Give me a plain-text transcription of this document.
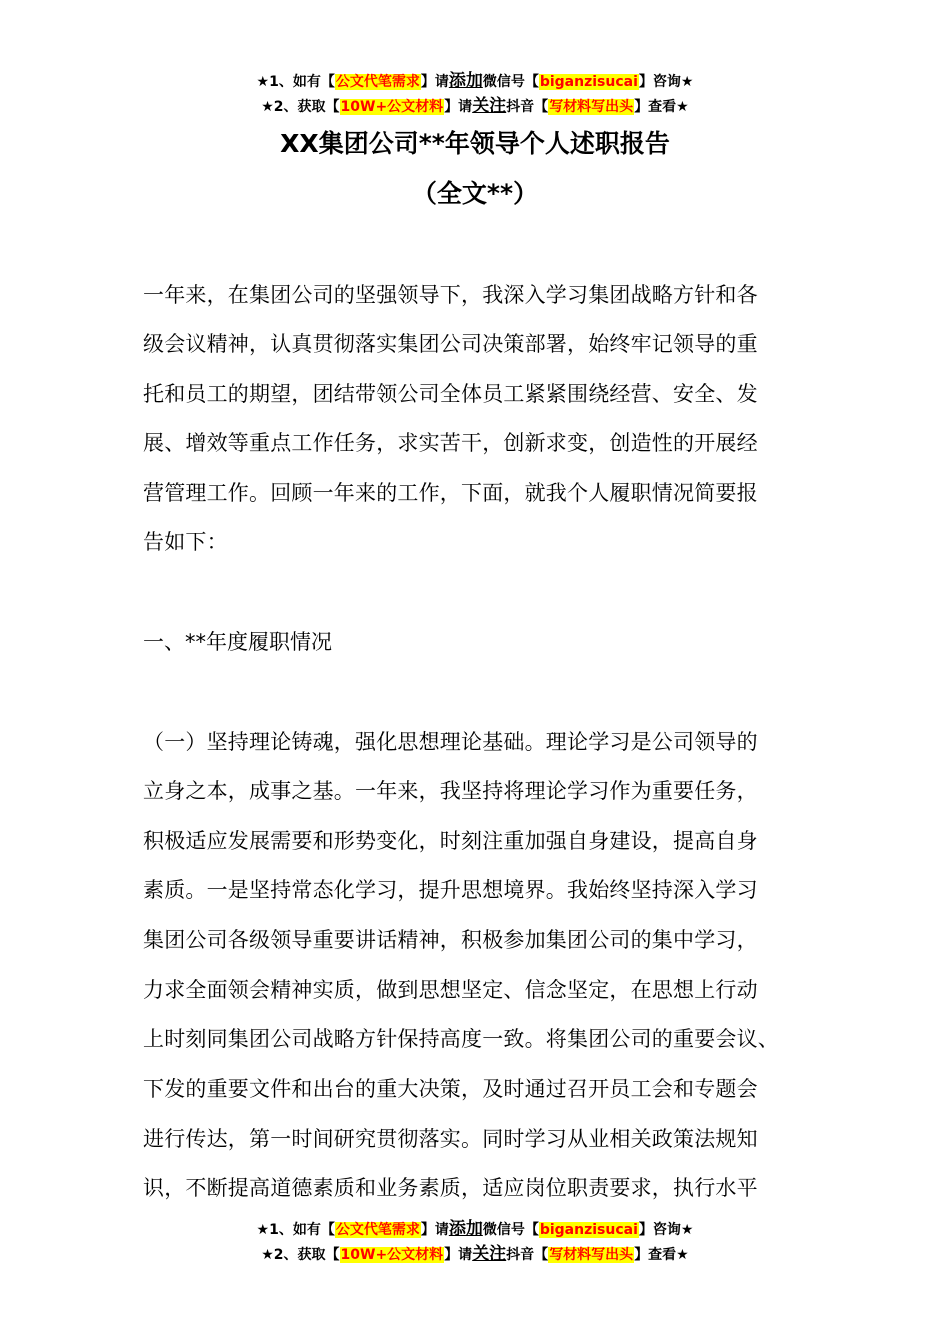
★1、如有【公文代笔需求】请添加微信号【biganzisucai】咨询★
★2、获取【10W+公文材料】请关注抖音【写材料写出头】查看★
XX集团公司**年领导个人述职报告
（全文**）
一年来，在集团公司的坚强领导下，我深入学习集团战略方针和各
级会议精神，认真贯彻落实集团公司决策部署，始终牢记领导的重
托和员工的期望，团结带领公司全体员工紧紧围绕经营、安全、发
展、增效等重点工作任务，求实苦干，创新求变，创造性的开展经
营管理工作。回顾一年来的工作，下面，就我个人履职情况简要报
告如下：
一、**年度履职情况
（一）坚持理论铸魂，强化思想理论基础。理论学习是公司领导的
立身之本，成事之基。一年来，我坚持将理论学习作为重要任务，
积极适应发展需要和形势变化，时刻注重加强自身建设，提高自身
素质。一是坚持常态化学习，提升思想境界。我始终坚持深入学习
集团公司各级领导重要讲话精神，积极参加集团公司的集中学习，
力求全面领会精神实质，做到思想坚定、信念坚定，在思想上行动
上时刻同集团公司战略方针保持高度一致。将集团公司的重要会议、
下发的重要文件和出台的重大决策，及时通过召开员工会和专题会
进行传达，第一时间研究贯彻落实。同时学习从业相关政策法规知
识，不断提高道德素质和业务素质，适应岗位职责要求，执行水平
★1、如有【公文代笔需求】请添加微信号【biganzisucai】咨询★
★2、获取【10W+公文材料】请关注抖音【写材料写出头】查看★
